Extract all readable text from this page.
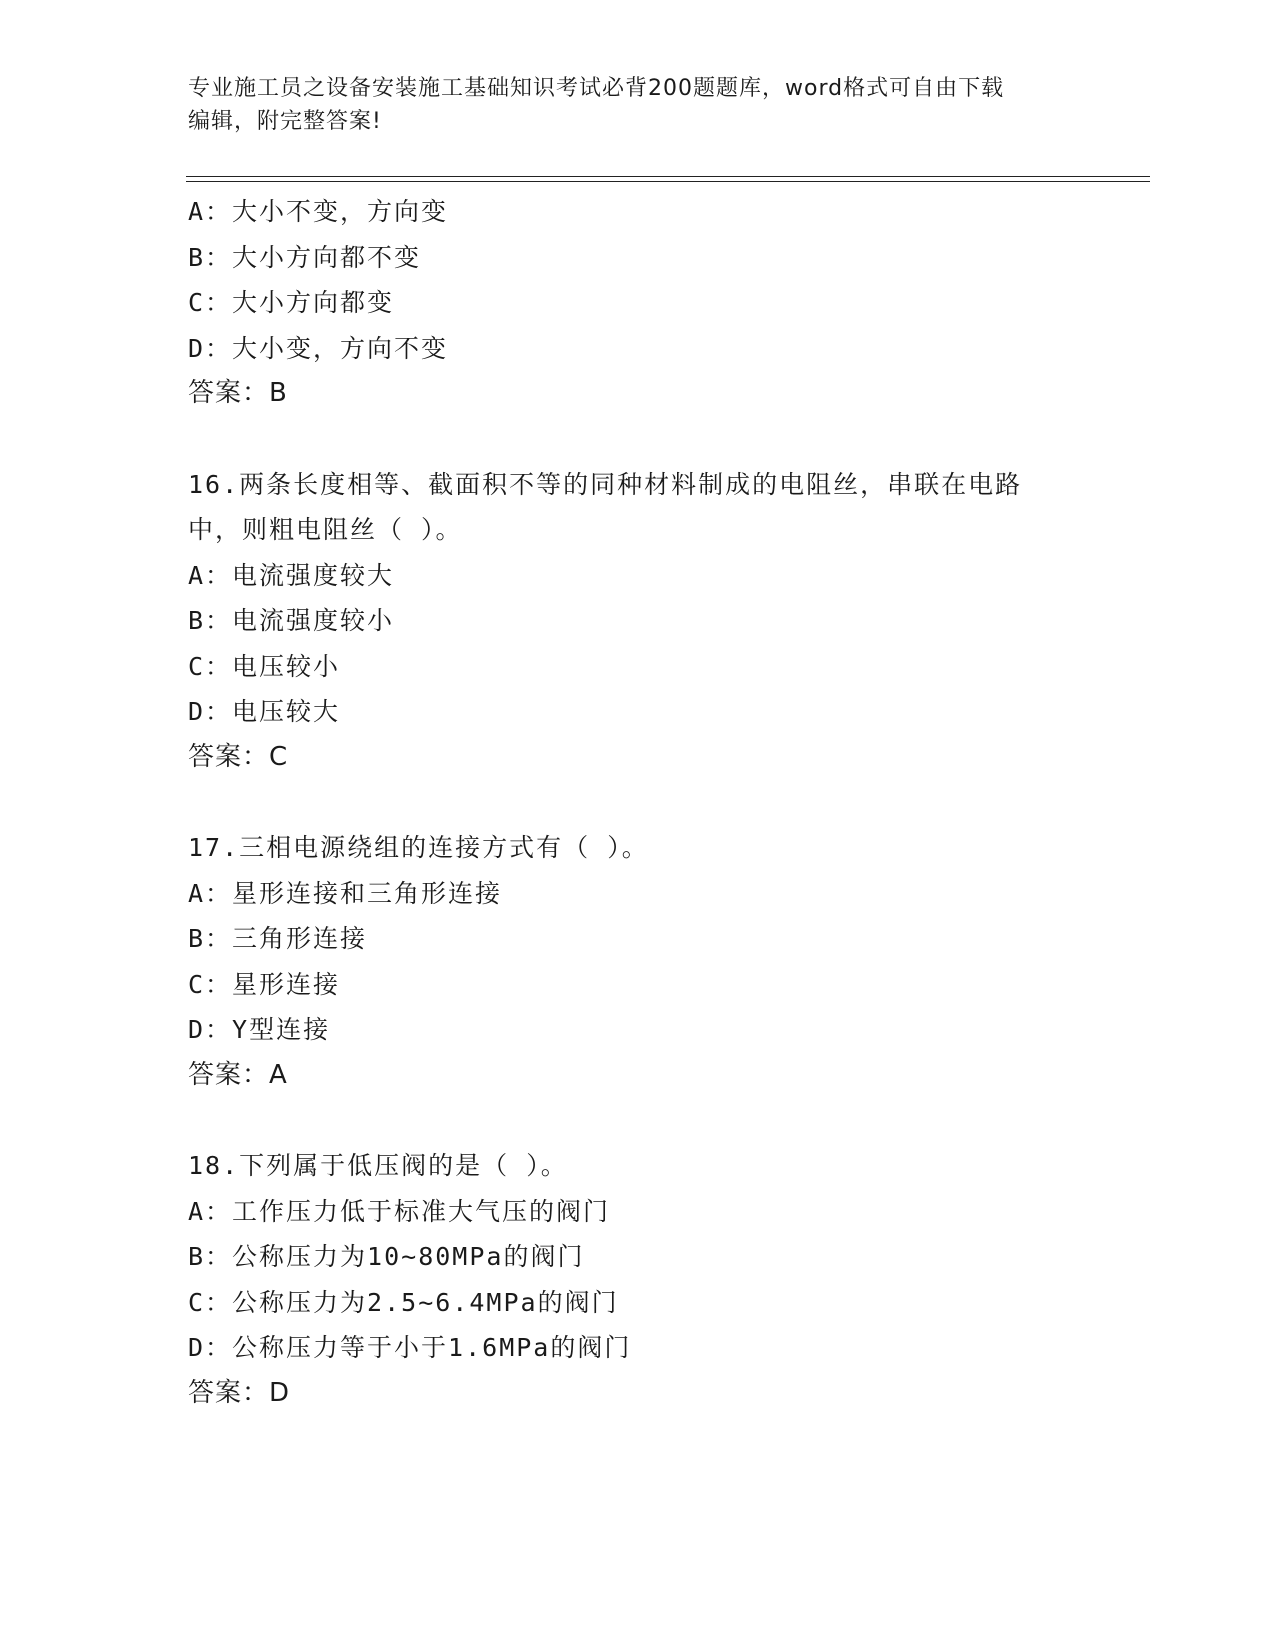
专业施工员之设备安装施工基础知识考试必背200题题库，word格式可自由下载
编辑，附完整答案!
A：大小不变，方向变
B：大小方向都不变
C：大小方向都变
D：大小变，方向不变
答案：B
16.两条长度相等、截面积不等的同种材料制成的电阻丝，串联在电路
中，则粗电阻丝（ ）。
A：电流强度较大
B：电流强度较小
C：电压较小
D：电压较大
答案：C
17.三相电源绕组的连接方式有（ ）。
A：星形连接和三角形连接
B：三角形连接
C：星形连接
D：Y型连接
答案：A
18.下列属于低压阀的是（ ）。
A：工作压力低于标准大气压的阀门
B：公称压力为10~80MPa的阀门
C：公称压力为2.5~6.4MPa的阀门
D：公称压力等于小于1.6MPa的阀门
答案：D
